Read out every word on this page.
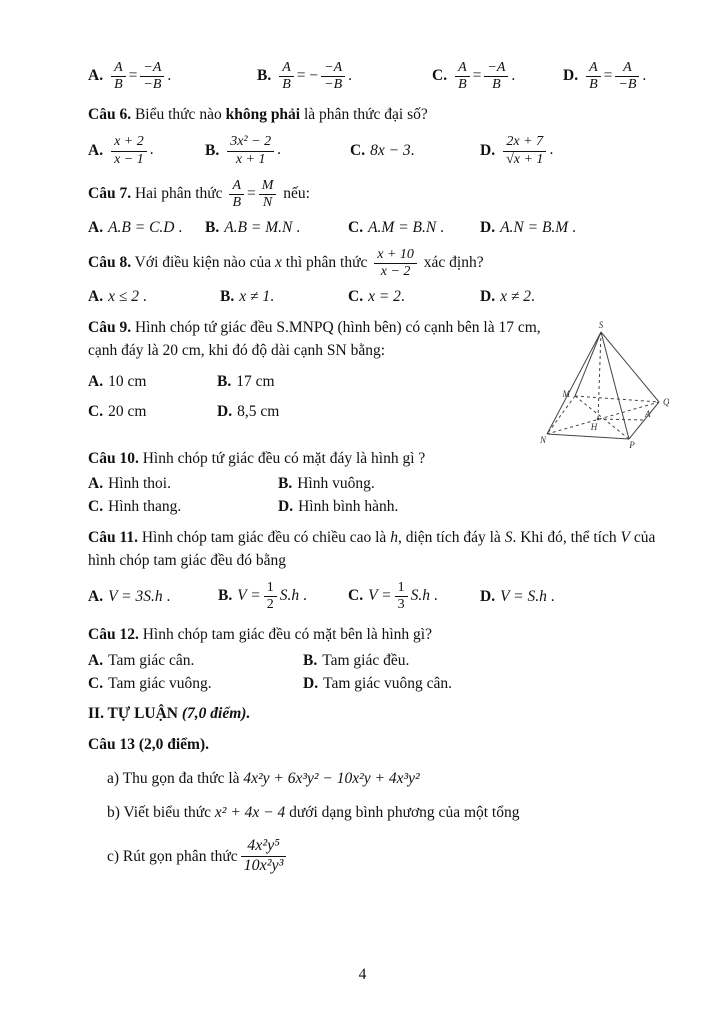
A. $\frac{A}{B} = \frac{-A}{-B}$ .	B. $\frac{A}{B}$ = − $\frac{-A}{-B}$ .	C. $\frac{A}{B} = \frac{-A}{B}$ .	D. $\frac{A}{B} = \frac{A}{-B}$ .
Câu 6. Biểu thức nào không phải là phân thức đại số?
A. $\frac{x + 2}{x - 1}$ .	B. $\frac{\text{3x² − 2}}{x + 1}$ .	C. 8x − 3.	D. $\frac{2x + 7}{√x + 1}$ .
Câu 7. Hai phân thức $\frac{A}{B} = \frac{M}{N}$ nếu:
A. A.B = C.D .	B. A.B = M.N .	C. A.M = B.N .	D. A.N = B.M .
Câu 8. Với điều kiện nào của x thì phân thức $\frac{x + 10}{x - 2}$ xác định?
A. x ≤ 2 .	B. x ≠ 1.	C. x = 2.	D. x ≠ 2.
Câu 9. Hình chóp tứ giác đều S.MNPQ (hình bên) có cạnh bên là 17 cm, cạnh đáy là 20 cm, khi đó độ dài cạnh SN bằng:
A. 10 cm	B. 17 cm
C. 20 cm	D. 8,5 cm
S
M
Q
N	P
H
A
Câu 10. Hình chóp tứ giác đều có mặt đáy là hình gì ?
A. Hình thoi.	B. Hình vuông.
C. Hình thang.	D. Hình bình hành.
Câu 11. Hình chóp tam giác đều có chiều cao là h, diện tích đáy là S. Khi đó, thể tích V của hình chóp tam giác đều đó bằng
A. V = 3S.h .	B. $V = \frac{1}{2} S.h$ .	C. $V = \frac{1}{3} S.h$ .	D. V = S.h .
Câu 12. Hình chóp tam giác đều có mặt bên là hình gì?
A. Tam giác cân.	B. Tam giác đều.
C. Tam giác vuông.	D. Tam giác vuông cân.
II. TỰ LUẬN (7,0 điểm).
Câu 13 (2,0 điểm).
a) Thu gọn đa thức là 4x²y + 6x³y² − 10x²y + 4x³y²
b) Viết biểu thức x² + 4x − 4 dưới dạng bình phương của một tổng
c) Rút gọn phân thức $\frac{\text{4x²y⁵}}{\text{10x²y³}}$
4
